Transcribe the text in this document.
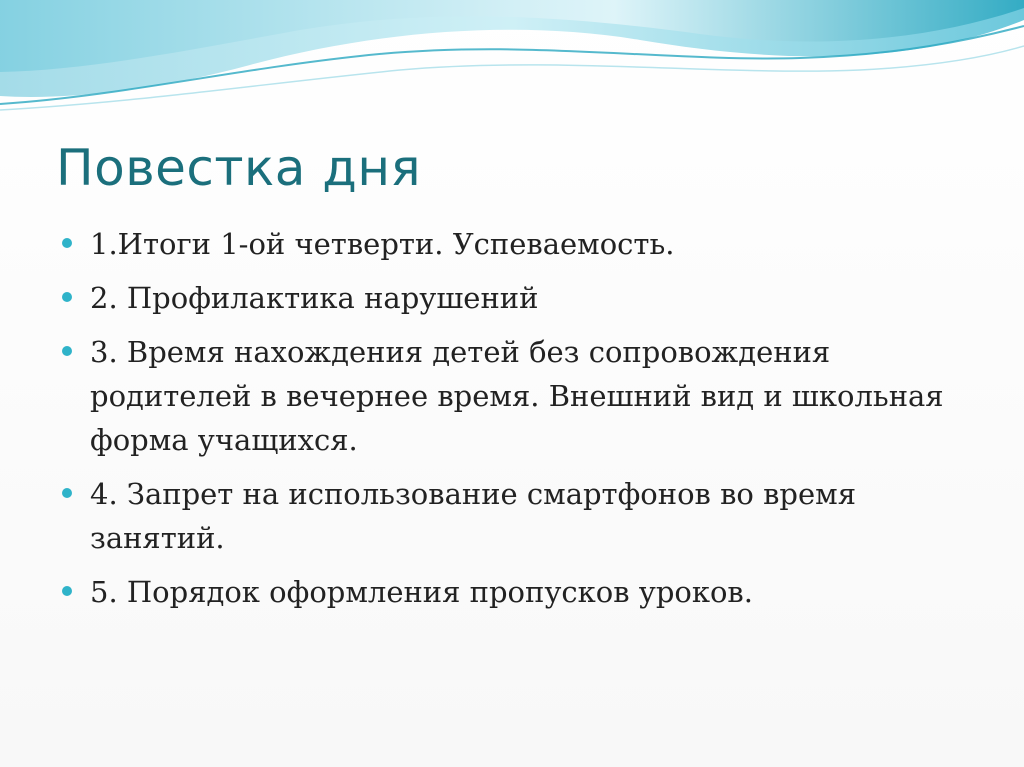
Повестка дня
1.Итоги 1-ой четверти. Успеваемость.
2. Профилактика нарушений
3. Время нахождения детей без сопровождения родителей в вечернее время. Внешний вид и школьная форма учащихся.
4. Запрет на использование смартфонов во время занятий.
5. Порядок оформления пропусков уроков.
